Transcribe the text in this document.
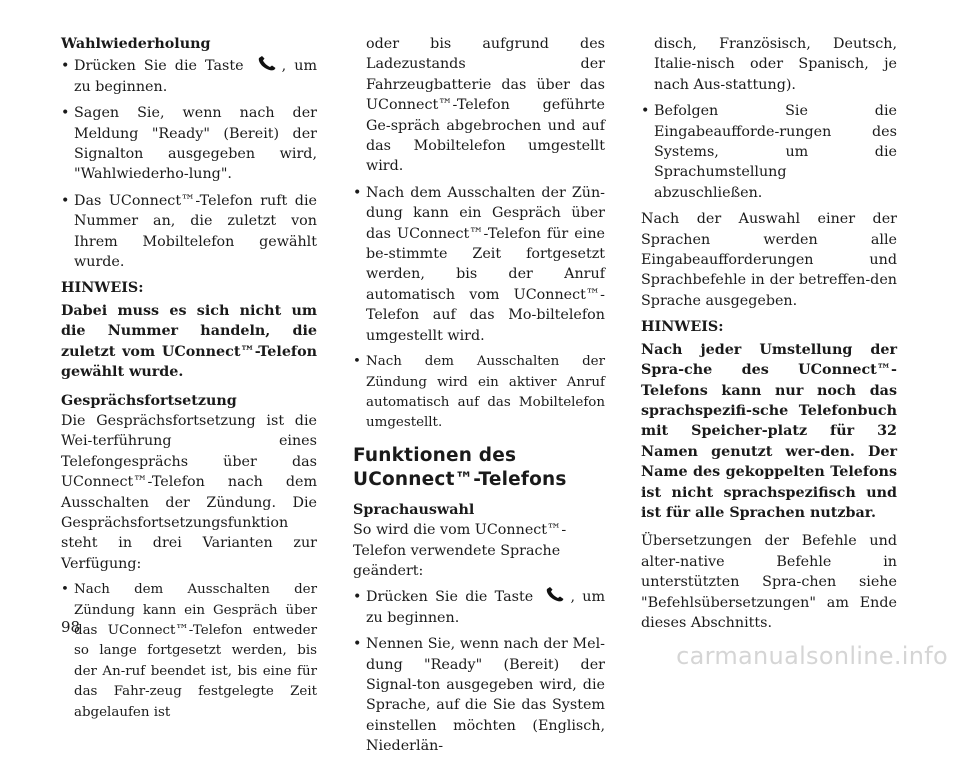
Wahlwiederholung

• Drücken Sie die Taste	, um zu beginnen.
• Sagen Sie, wenn nach der Meldung "Ready" (Bereit) der Signalton ausgegeben wird, "Wahlwiederho-lung".
• Das UConnect™-Telefon ruft die Nummer an, die zuletzt von Ihrem Mobiltelefon gewählt wurde.

HINWEIS:

Dabei muss es sich nicht um die Nummer handeln, die zuletzt vom UConnect™-Telefon gewählt wurde.

Gesprächsfortsetzung

Die Gesprächsfortsetzung ist die Wei-terführung eines Telefongesprächs über das UConnect™-Telefon nach dem Ausschalten der Zündung. Die Gesprächsfortsetzungsfunktion steht in drei Varianten zur Verfügung:

• Nach dem Ausschalten der Zündung kann ein Gespräch über das UConnect™-Telefon entweder so lange fortgesetzt werden, bis der An-ruf beendet ist, bis eine für das Fahr-zeug festgelegte Zeit abgelaufen ist
oder bis aufgrund des Ladezustands der Fahrzeugbatterie das über das UConnect™-Telefon geführte Ge-spräch abgebrochen und auf das Mobiltelefon umgestellt wird.
• Nach dem Ausschalten der Zün-dung kann ein Gespräch über das UConnect™-Telefon für eine be-stimmte Zeit fortgesetzt werden, bis der Anruf automatisch vom UConnect™-Telefon auf das Mo-biltelefon umgestellt wird.
• Nach dem Ausschalten der Zündung wird ein aktiver Anruf automatisch auf das Mobiltelefon umgestellt.
Funktionen des UConnect™-Telefons

Sprachauswahl

So wird die vom UConnect™-Telefon verwendete Sprache geändert:

• Drücken Sie die Taste	, um zu beginnen.
• Nennen Sie, wenn nach der Mel-dung "Ready" (Bereit) der Signal-ton ausgegeben wird, die Sprache, auf die Sie das System einstellen möchten (Englisch, Niederlän-
disch, Französisch, Deutsch, Italie-nisch oder Spanisch, je nach Aus-stattung).
• Befolgen Sie die Eingabeaufforde-rungen des Systems, um die Sprachumstellung abzuschließen.

Nach der Auswahl einer der Sprachen werden alle Eingabeaufforderungen und Sprachbefehle in der betreffen-den Sprache ausgegeben.

HINWEIS:

Nach jeder Umstellung der Spra-che des UConnect™-Telefons kann nur noch das sprachspezifi-sche Telefonbuch mit Speicher-platz für 32 Namen genutzt wer-den. Der Name des gekoppelten Telefons ist nicht sprachspezifisch und ist für alle Sprachen nutzbar.

Übersetzungen der Befehle und alter-native Befehle in unterstützten Spra-chen siehe "Befehlsübersetzungen" am Ende dieses Abschnitts.

98
carmanualsonline.info
